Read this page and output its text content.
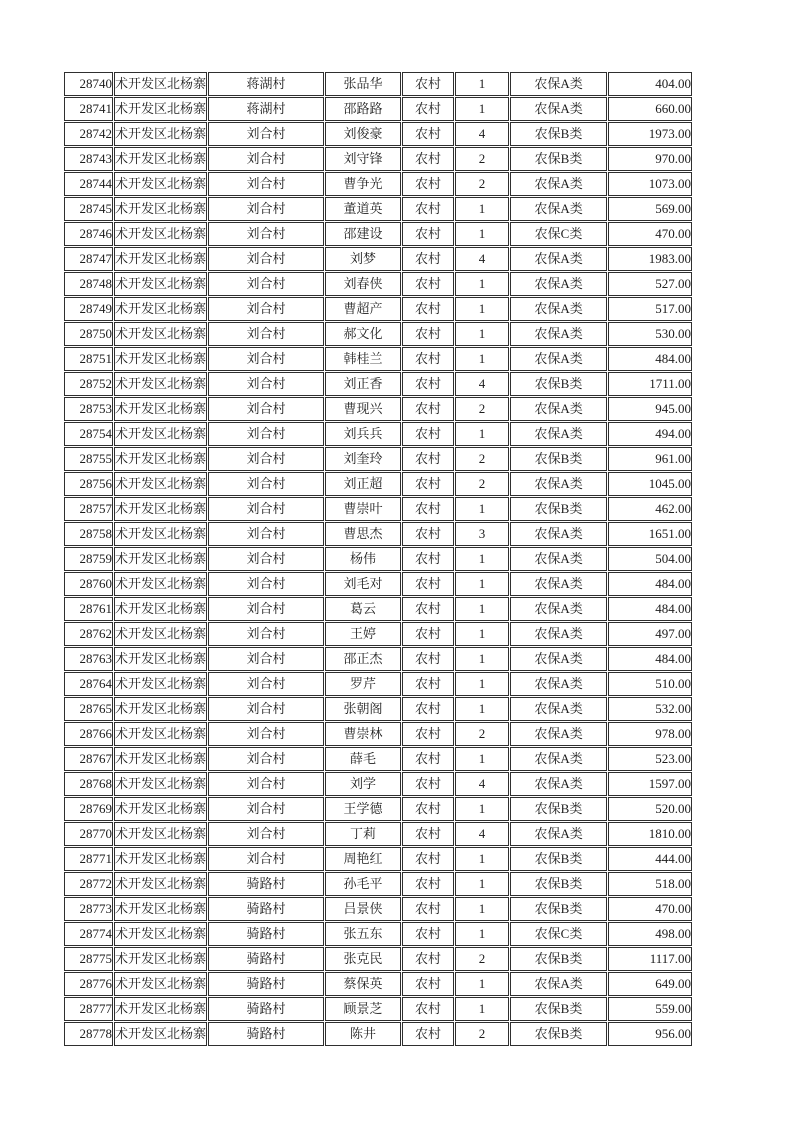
28740	术开发区北杨寨	蒋湖村	张品华	农村	1	农保A类	404.00
28741	术开发区北杨寨	蒋湖村	邵路路	农村	1	农保A类	660.00
28742	术开发区北杨寨	刘合村	刘俊豪	农村	4	农保B类	1973.00
28743	术开发区北杨寨	刘合村	刘守锋	农村	2	农保B类	970.00
28744	术开发区北杨寨	刘合村	曹争光	农村	2	农保A类	1073.00
28745	术开发区北杨寨	刘合村	董道英	农村	1	农保A类	569.00
28746	术开发区北杨寨	刘合村	邵建设	农村	1	农保C类	470.00
28747	术开发区北杨寨	刘合村	刘梦	农村	4	农保A类	1983.00
28748	术开发区北杨寨	刘合村	刘春侠	农村	1	农保A类	527.00
28749	术开发区北杨寨	刘合村	曹超产	农村	1	农保A类	517.00
28750	术开发区北杨寨	刘合村	郝文化	农村	1	农保A类	530.00
28751	术开发区北杨寨	刘合村	韩桂兰	农村	1	农保A类	484.00
28752	术开发区北杨寨	刘合村	刘正香	农村	4	农保B类	1711.00
28753	术开发区北杨寨	刘合村	曹现兴	农村	2	农保A类	945.00
28754	术开发区北杨寨	刘合村	刘兵兵	农村	1	农保A类	494.00
28755	术开发区北杨寨	刘合村	刘奎玲	农村	2	农保B类	961.00
28756	术开发区北杨寨	刘合村	刘正超	农村	2	农保A类	1045.00
28757	术开发区北杨寨	刘合村	曹崇叶	农村	1	农保B类	462.00
28758	术开发区北杨寨	刘合村	曹思杰	农村	3	农保A类	1651.00
28759	术开发区北杨寨	刘合村	杨伟	农村	1	农保A类	504.00
28760	术开发区北杨寨	刘合村	刘毛对	农村	1	农保A类	484.00
28761	术开发区北杨寨	刘合村	葛云	农村	1	农保A类	484.00
28762	术开发区北杨寨	刘合村	王婷	农村	1	农保A类	497.00
28763	术开发区北杨寨	刘合村	邵正杰	农村	1	农保A类	484.00
28764	术开发区北杨寨	刘合村	罗芹	农村	1	农保A类	510.00
28765	术开发区北杨寨	刘合村	张朝阁	农村	1	农保A类	532.00
28766	术开发区北杨寨	刘合村	曹崇林	农村	2	农保A类	978.00
28767	术开发区北杨寨	刘合村	薛毛	农村	1	农保A类	523.00
28768	术开发区北杨寨	刘合村	刘学	农村	4	农保A类	1597.00
28769	术开发区北杨寨	刘合村	王学德	农村	1	农保B类	520.00
28770	术开发区北杨寨	刘合村	丁莉	农村	4	农保A类	1810.00
28771	术开发区北杨寨	刘合村	周艳红	农村	1	农保B类	444.00
28772	术开发区北杨寨	骑路村	孙毛平	农村	1	农保B类	518.00
28773	术开发区北杨寨	骑路村	吕景侠	农村	1	农保B类	470.00
28774	术开发区北杨寨	骑路村	张五东	农村	1	农保C类	498.00
28775	术开发区北杨寨	骑路村	张克民	农村	2	农保B类	1117.00
28776	术开发区北杨寨	骑路村	蔡保英	农村	1	农保A类	649.00
28777	术开发区北杨寨	骑路村	顾景芝	农村	1	农保B类	559.00
28778	术开发区北杨寨	骑路村	陈井	农村	2	农保B类	956.00
